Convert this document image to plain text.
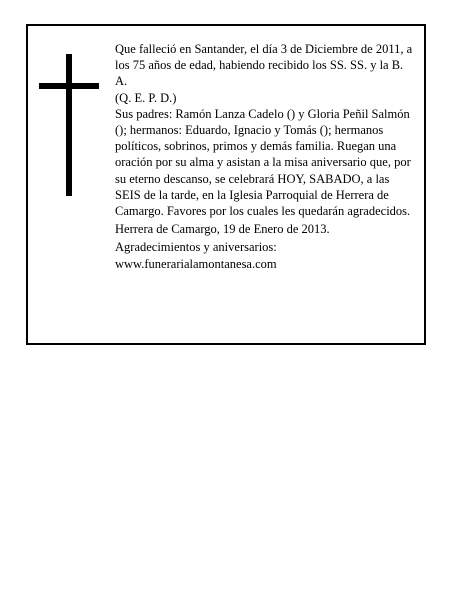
Que falleció en Santander, el día 3 de Diciembre de 2011, a los 75 años de edad, habiendo recibido los SS. SS. y la B. A.

(Q. E. P. D.)

Sus padres: Ramón Lanza Cadelo () y Gloria Peñil Salmón (); hermanos: Eduardo, Ignacio y Tomás (); hermanos políticos, sobrinos, primos y demás familia. Ruegan una oración por su alma y asistan a la misa aniversario que, por su eterno descanso, se celebrará HOY, SABADO, a las SEIS de la tarde, en la Iglesia Parroquial de Herrera de Camargo. Favores por los cuales les quedarán agradecidos.

Herrera de Camargo, 19 de Enero de 2013.

Agradecimientos y aniversarios:

www.funerarialamontanesa.com
